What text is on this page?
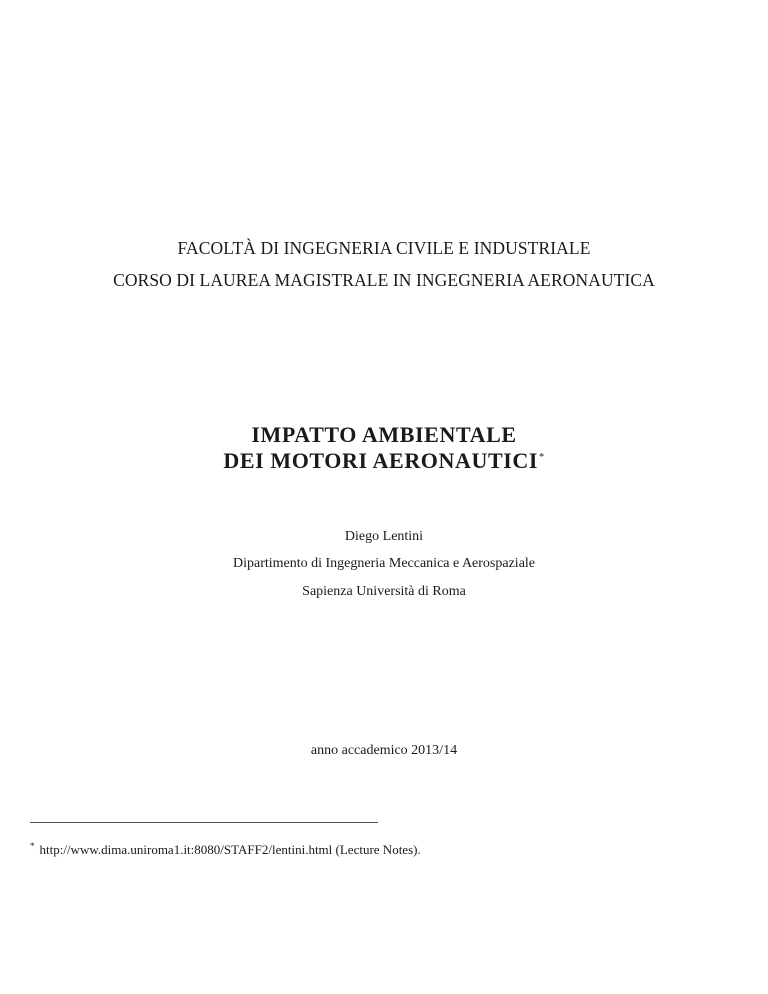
FACOLTÀ DI INGEGNERIA CIVILE E INDUSTRIALE
CORSO DI LAUREA MAGISTRALE IN INGEGNERIA AERONAUTICA
IMPATTO AMBIENTALE
DEI MOTORI AERONAUTICI*
Diego Lentini
Dipartimento di Ingegneria Meccanica e Aerospaziale
Sapienza Università di Roma
anno accademico 2013/14
* http://www.dima.uniroma1.it:8080/STAFF2/lentini.html (Lecture Notes).
